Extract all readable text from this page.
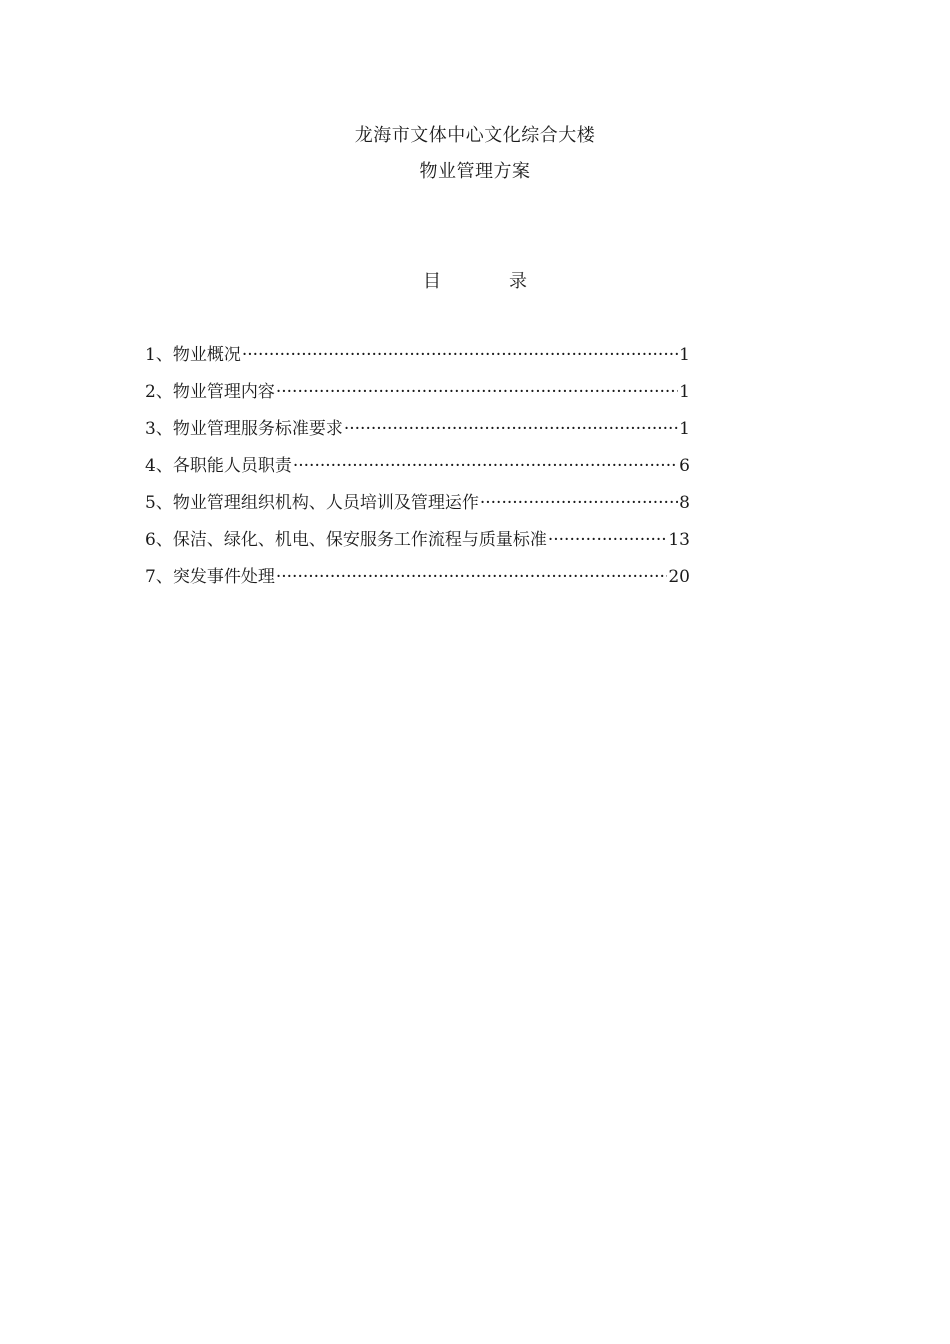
龙海市文体中心文化综合大楼
物业管理方案
目	录
1、物业概况 ·····	1
2、物业管理内容 ·····	1
3、物业管理服务标准要求 ·····	1
4、各职能人员职责 ·····	6
5、物业管理组织机构、人员培训及管理运作 ·····	8
6、保洁、绿化、机电、保安服务工作流程与质量标准 ·····	13
7、突发事件处理 ·····	20
